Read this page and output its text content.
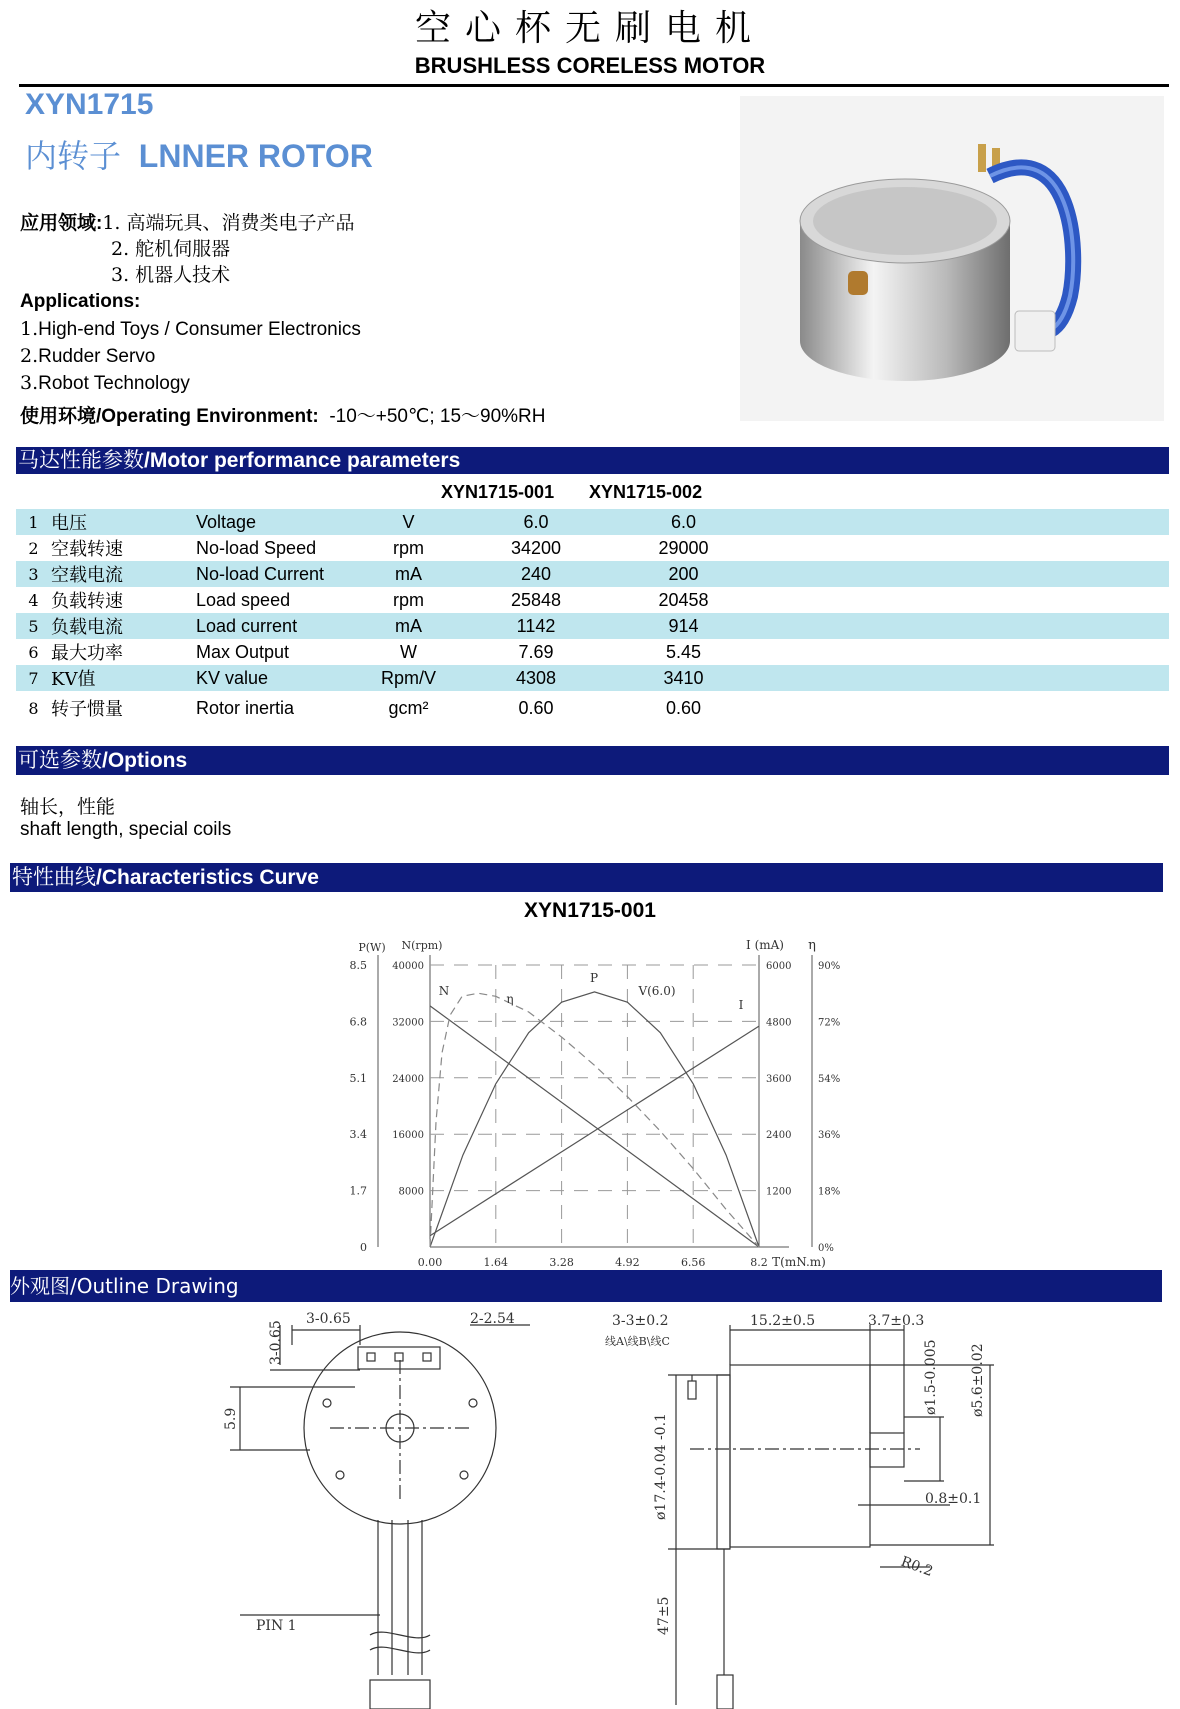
空心杯无刷电机
BRUSHLESS CORELESS MOTOR
XYN1715
内转子 LNNER ROTOR
应用领域:1. 高端玩具、消费类电子产品
2. 舵机伺服器
3. 机器人技术
Applications:
1.High-end Toys / Consumer Electronics
2.Rudder Servo
3.Robot Technology
使用环境/Operating Environment: -10～+50℃; 15～90%RH
马达性能参数/Motor performance parameters
XYN1715-001 XYN1715-002
1	电压	Voltage	V	6.0	6.0	
2	空载转速	No-load Speed	rpm	34200	29000	
3	空载电流	No-load Current	mA	240	200	
4	负载转速	Load speed	rpm	25848	20458	
5	负载电流	Load current	mA	1142	914	
6	最大功率	Max Output	W	7.69	5.45	
7	KV值	KV value	Rpm/V	4308	3410	
8	转子惯量	Rotor inertia	gcm²	0.60	0.60	
可选参数/Options
轴长，性能
shaft length, special coils
特性曲线/Characteristics Curve
XYN1715-001
0.00	1.64	3.28	4.92	6.56	8.2 T(mN.m)
0
1.7
3.4
5.1
6.8
8.5
8000
16000
24000
32000
40000
1200
2400
3600
4800
6000
0%
18%
36%
54%
72%
90%
P(W) N(rpm)	I (mA) η
V(6.0)
N
I
P
η
外观图/Outline Drawing
3-0.65	2-2.54
3-0.65
5.9
PIN 1
3-3±0.2
线A\线B\线C
15.2±0.5	3.7±0.3
ø17.4-0.04 -0.1
ø1.5-0.005 ø5.6±0.02
0.8±0.1
R0.2
47±5
